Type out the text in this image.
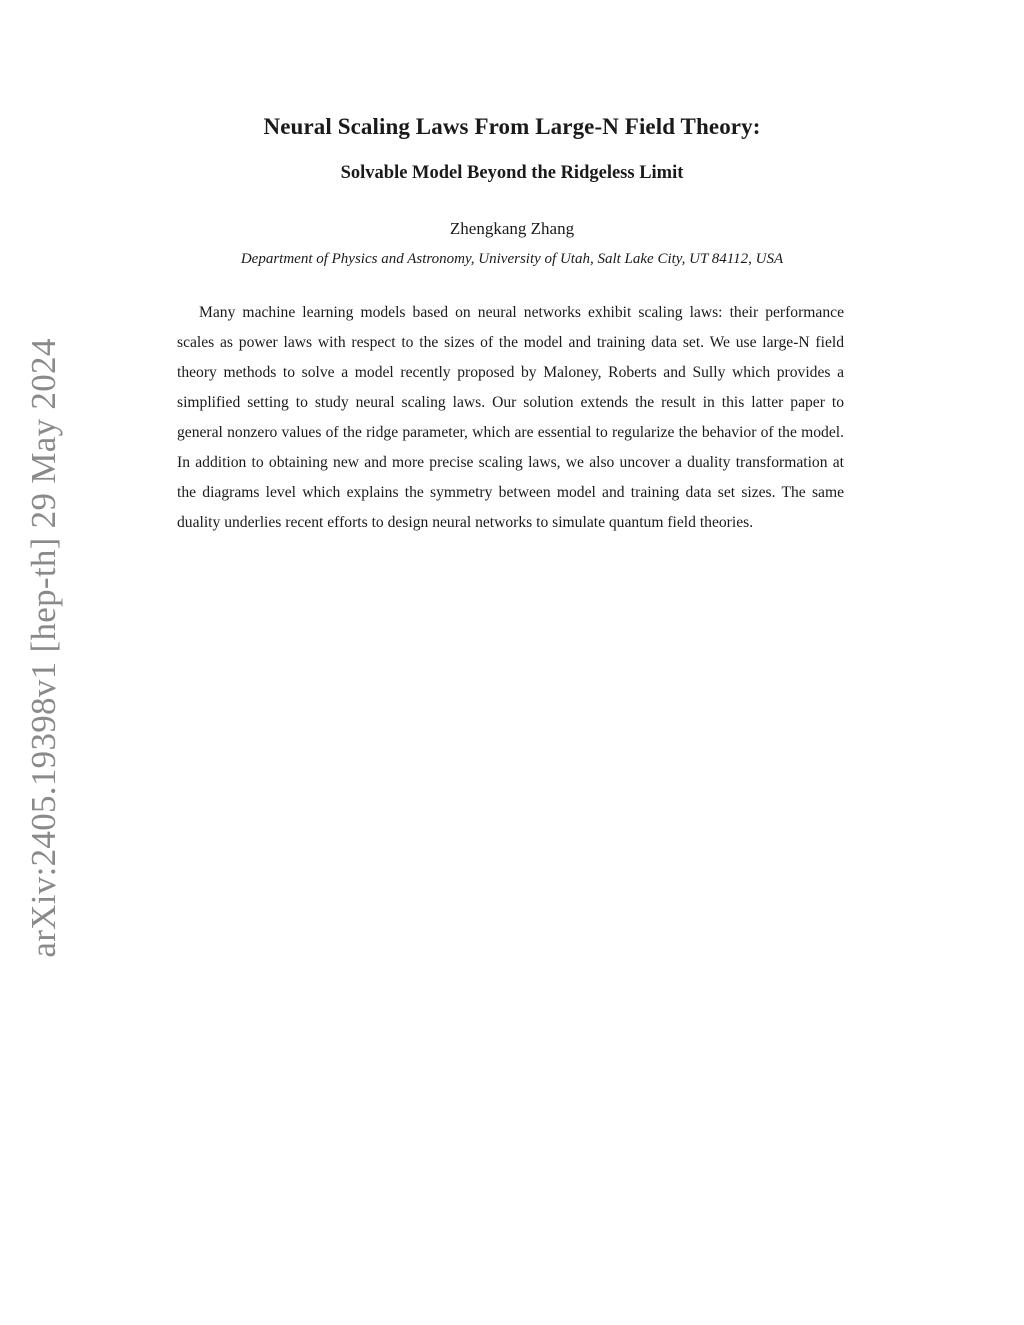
arXiv:2405.19398v1 [hep-th] 29 May 2024
Neural Scaling Laws From Large-N Field Theory:
Solvable Model Beyond the Ridgeless Limit
Zhengkang Zhang
Department of Physics and Astronomy, University of Utah, Salt Lake City, UT 84112, USA

Many machine learning models based on neural networks exhibit scaling laws: their performance scales as power laws with respect to the sizes of the model and training data set. We use large-N field theory methods to solve a model recently proposed by Maloney, Roberts and Sully which provides a simplified setting to study neural scaling laws. Our solution extends the result in this latter paper to general nonzero values of the ridge parameter, which are essential to regularize the behavior of the model. In addition to obtaining new and more precise scaling laws, we also uncover a duality transformation at the diagrams level which explains the symmetry between model and training data set sizes. The same duality underlies recent efforts to design neural networks to simulate quantum field theories.
